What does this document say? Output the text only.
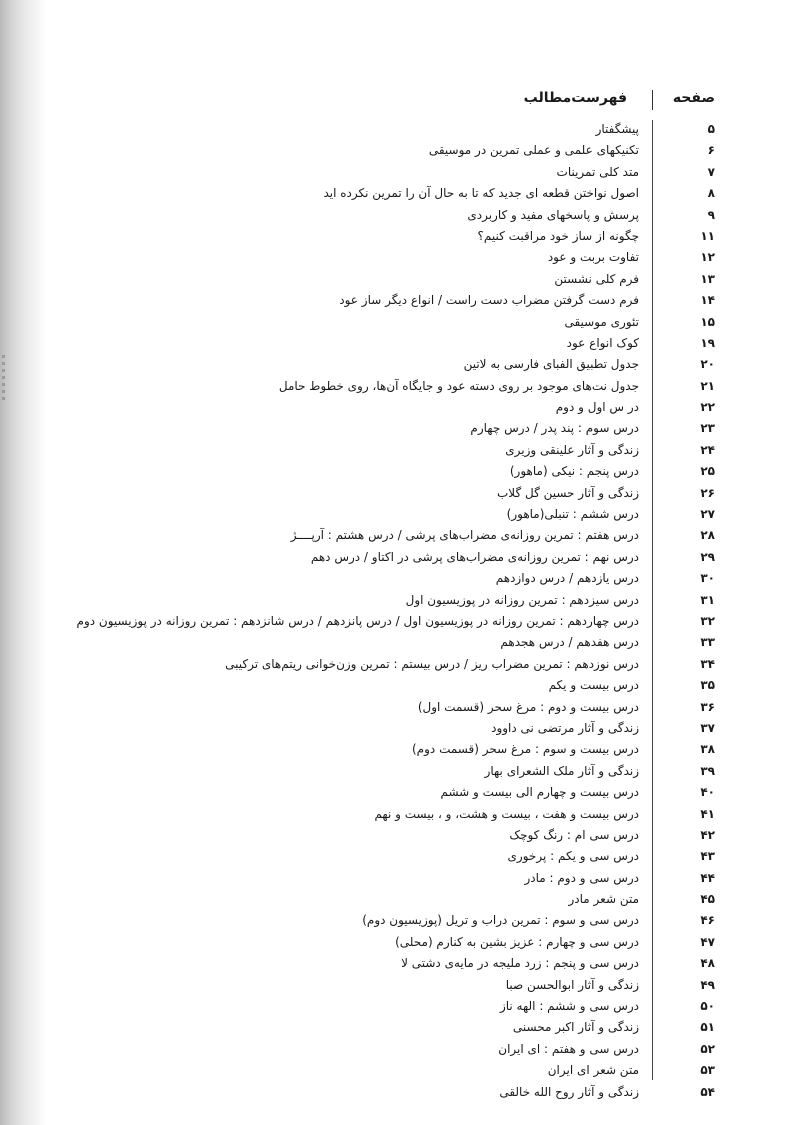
صفحه
فهرست‌مطالب
۵
پیشگفتار
۶
تکنیکهای علمی و عملی تمرین در موسیقی
۷
متد کلی تمرینات
۸
اصول نواختن قطعه ای جدید که تا به حال آن را تمرین نکرده اید
۹
پرسش و پاسخهای مفید و کاربردی
۱۱
چگونه از ساز خود مراقبت کنیم؟
۱۲
تفاوت بربت و عود
۱۳
فرم کلی نشستن
۱۴
فرم دست گرفتن مضراب دست راست / انواع دیگر ساز عود
۱۵
تئوری موسیقی
۱۹
کوک انواع عود
۲۰
جدول تطبیق الفبای فارسی به لاتین
۲۱
جدول نت‌های موجود بر روی دسته عود و جایگاه آن‌ها، روی خطوط حامل
۲۲
در س اول و دوم
۲۳
درس سوم : پند پدر / درس چهارم
۲۴
زندگی و آثار علینقی وزیری
۲۵
درس پنجم : نیکی (ماهور)
۲۶
زندگی و آثار حسین گل گلاب
۲۷
درس ششم : تنبلی(ماهور)
۲۸
درس هفتم : تمرین روزانه‌ی مضراب‌های پرشی / درس هشتم : آرپــــژ
۲۹
درس نهم : تمرین روزانه‌ی مضراب‌های پرشی در اکتاو / درس دهم
۳۰
درس یازدهم / درس دوازدهم
۳۱
درس سیزدهم : تمرین روزانه در پوزیسیون اول
۳۲
درس چهاردهم : تمرین روزانه در پوزیسیون اول / درس پانزدهم / درس شانزدهم : تمرین روزانه در پوزیسیون دوم
۳۳
درس هفدهم / درس هجدهم
۳۴
درس نوزدهم : تمرین مضراب ریز / درس بیستم : تمرین وزن‌خوانی ریتم‌های ترکیبی
۳۵
درس بیست و یکم
۳۶
درس بیست و دوم : مرغ سحر (قسمت اول)
۳۷
زندگی و آثار مرتضی نی داوود
۳۸
درس بیست و سوم : مرغ سحر (قسمت دوم)
۳۹
زندگی و آثار ملک الشعرای بهار
۴۰
درس بیست و چهارم الی بیست و ششم
۴۱
درس بیست و هفت ، بیست و هشت، و ، بیست و نهم
۴۲
درس سی ام : رنگ کوچک
۴۳
درس سی و یکم : پرخوری
۴۴
درس سی و دوم : مادر
۴۵
متن شعر مادر
۴۶
درس سی و سوم : تمرین دراب و تریل (پوزیسیون دوم)
۴۷
درس سی و چهارم : عزیز بشین به کنارم (محلی)
۴۸
درس سی و پنجم : زرد ملیجه در مایه‌ی دشتی لا
۴۹
زندگی و آثار ابوالحسن صبا
۵۰
درس سی و ششم : الهه ناز
۵۱
زندگی و آثار اکبر محسنی
۵۲
درس سی و هفتم : ای ایران
۵۳
متن شعر ای ایران
۵۴
زندگی و آثار روح الله خالقی
